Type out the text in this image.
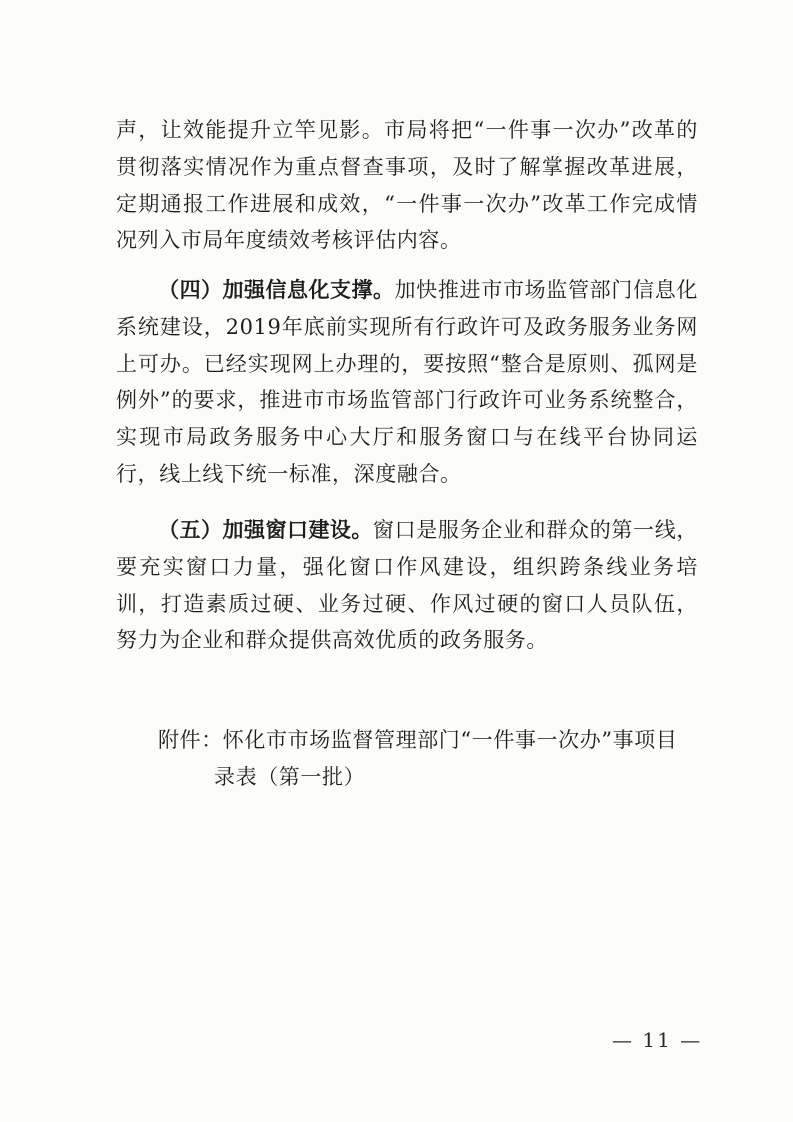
声，让效能提升立竿见影。市局将把“一件事一次办”改革的贯彻落实情况作为重点督查事项，及时了解掌握改革进展，定期通报工作进展和成效，“一件事一次办”改革工作完成情况列入市局年度绩效考核评估内容。

（四）加强信息化支撑。加快推进市市场监管部门信息化系统建设，2019年底前实现所有行政许可及政务服务业务网上可办。已经实现网上办理的，要按照“整合是原则、孤网是例外”的要求，推进市市场监管部门行政许可业务系统整合，实现市局政务服务中心大厅和服务窗口与在线平台协同运行，线上线下统一标准，深度融合。

（五）加强窗口建设。窗口是服务企业和群众的第一线，要充实窗口力量，强化窗口作风建设，组织跨条线业务培训，打造素质过硬、业务过硬、作风过硬的窗口人员队伍，努力为企业和群众提供高效优质的政务服务。

附件：怀化市市场监督管理部门“一件事一次办”事项目
录表（第一批）
— 11 —
